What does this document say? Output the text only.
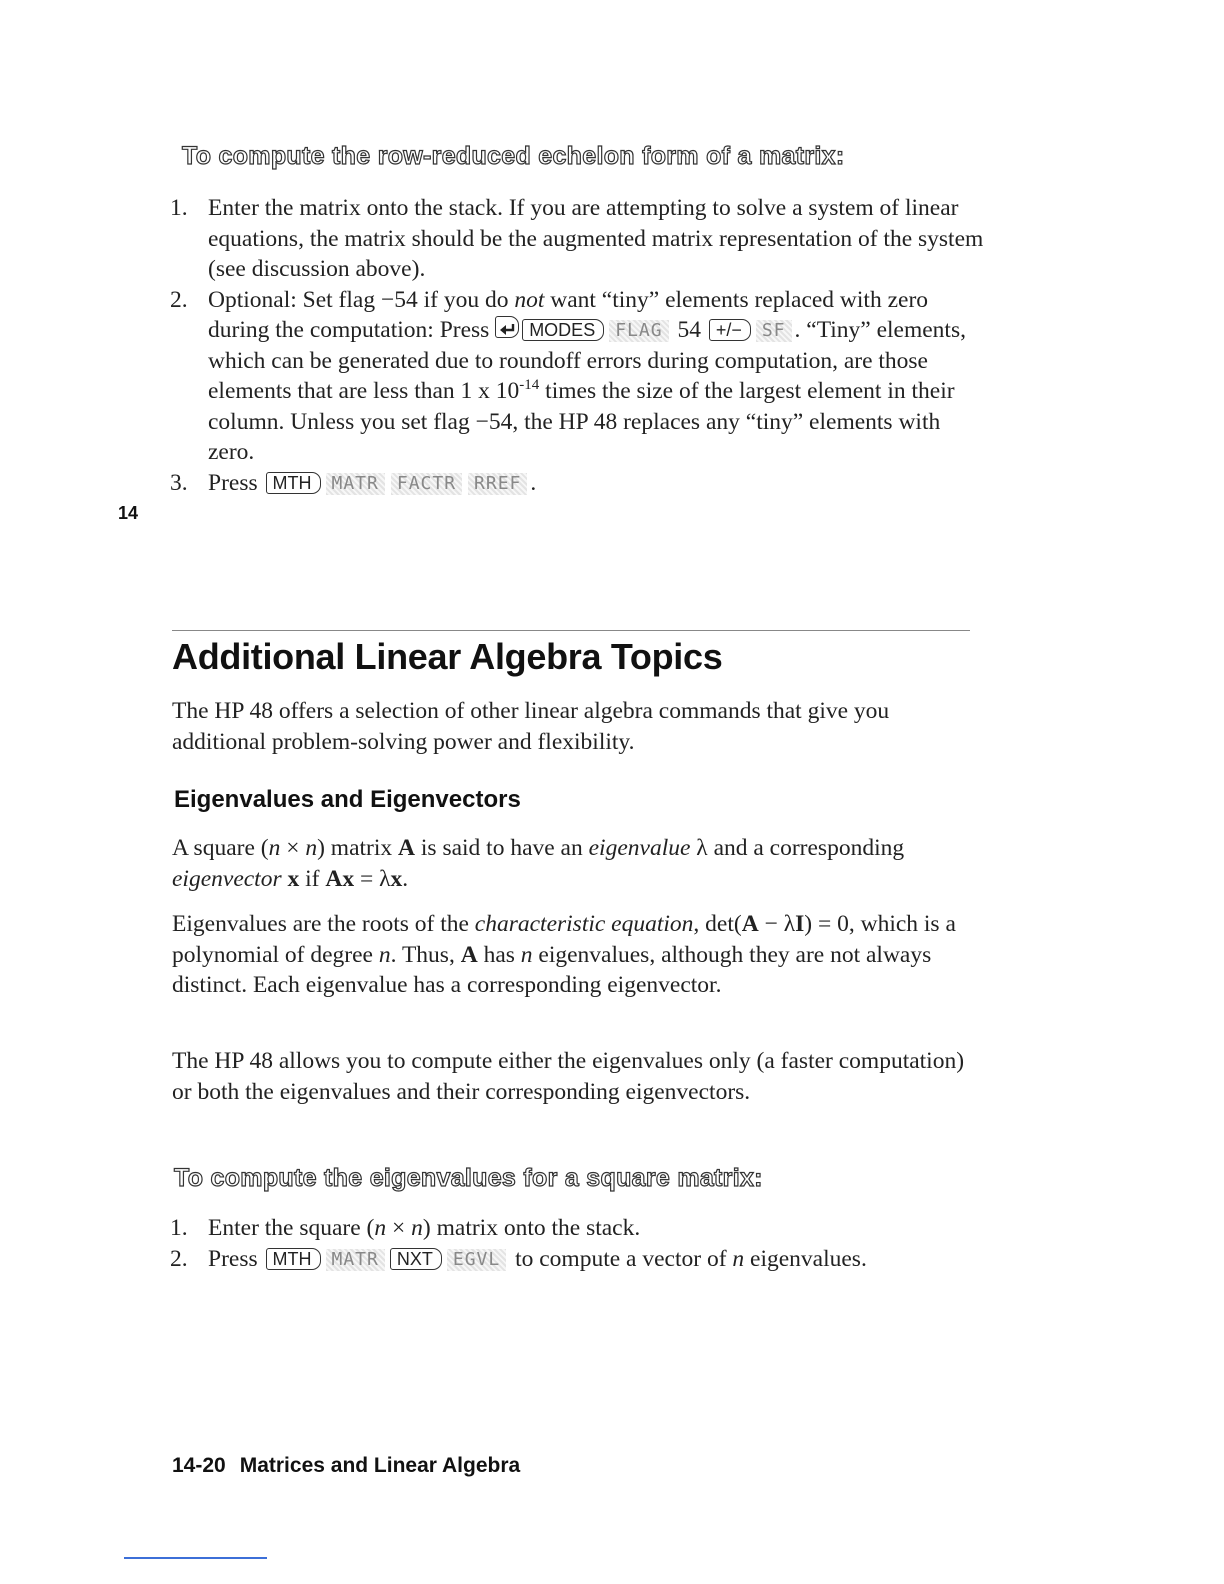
To compute the row-reduced echelon form of a matrix:
1. Enter the matrix onto the stack. If you are attempting to solve a system of linear equations, the matrix should be the augmented matrix representation of the system (see discussion above).
2. Optional: Set flag −54 if you do not want “tiny” elements replaced with zero during the computation: Press MODES FLAG 54 +/− SF . “Tiny” elements, which can be generated due to roundoff errors during computation, are those elements that are less than 1 x $10^{-14}$ times the size of the largest element in their column. Unless you set flag −54, the HP 48 replaces any “tiny” elements with zero.
3. Press MTH MATR FACTR RREF .
14
Additional Linear Algebra Topics

The HP 48 offers a selection of other linear algebra commands that give you additional problem-solving power and flexibility.

Eigenvalues and Eigenvectors

A square (n × n) matrix A is said to have an eigenvalue λ and a corresponding eigenvector x if Ax = λx.

Eigenvalues are the roots of the characteristic equation, det(A − λI) = 0, which is a polynomial of degree n. Thus, A has n eigenvalues, although they are not always distinct. Each eigenvalue has a corresponding eigenvector.

The HP 48 allows you to compute either the eigenvalues only (a faster computation) or both the eigenvalues and their corresponding eigenvectors.

To compute the eigenvalues for a square matrix:
1. Enter the square (n × n) matrix onto the stack.
2. Press MTH MATR NXT EGVL to compute a vector of n eigenvalues.
14-20 Matrices and Linear Algebra
